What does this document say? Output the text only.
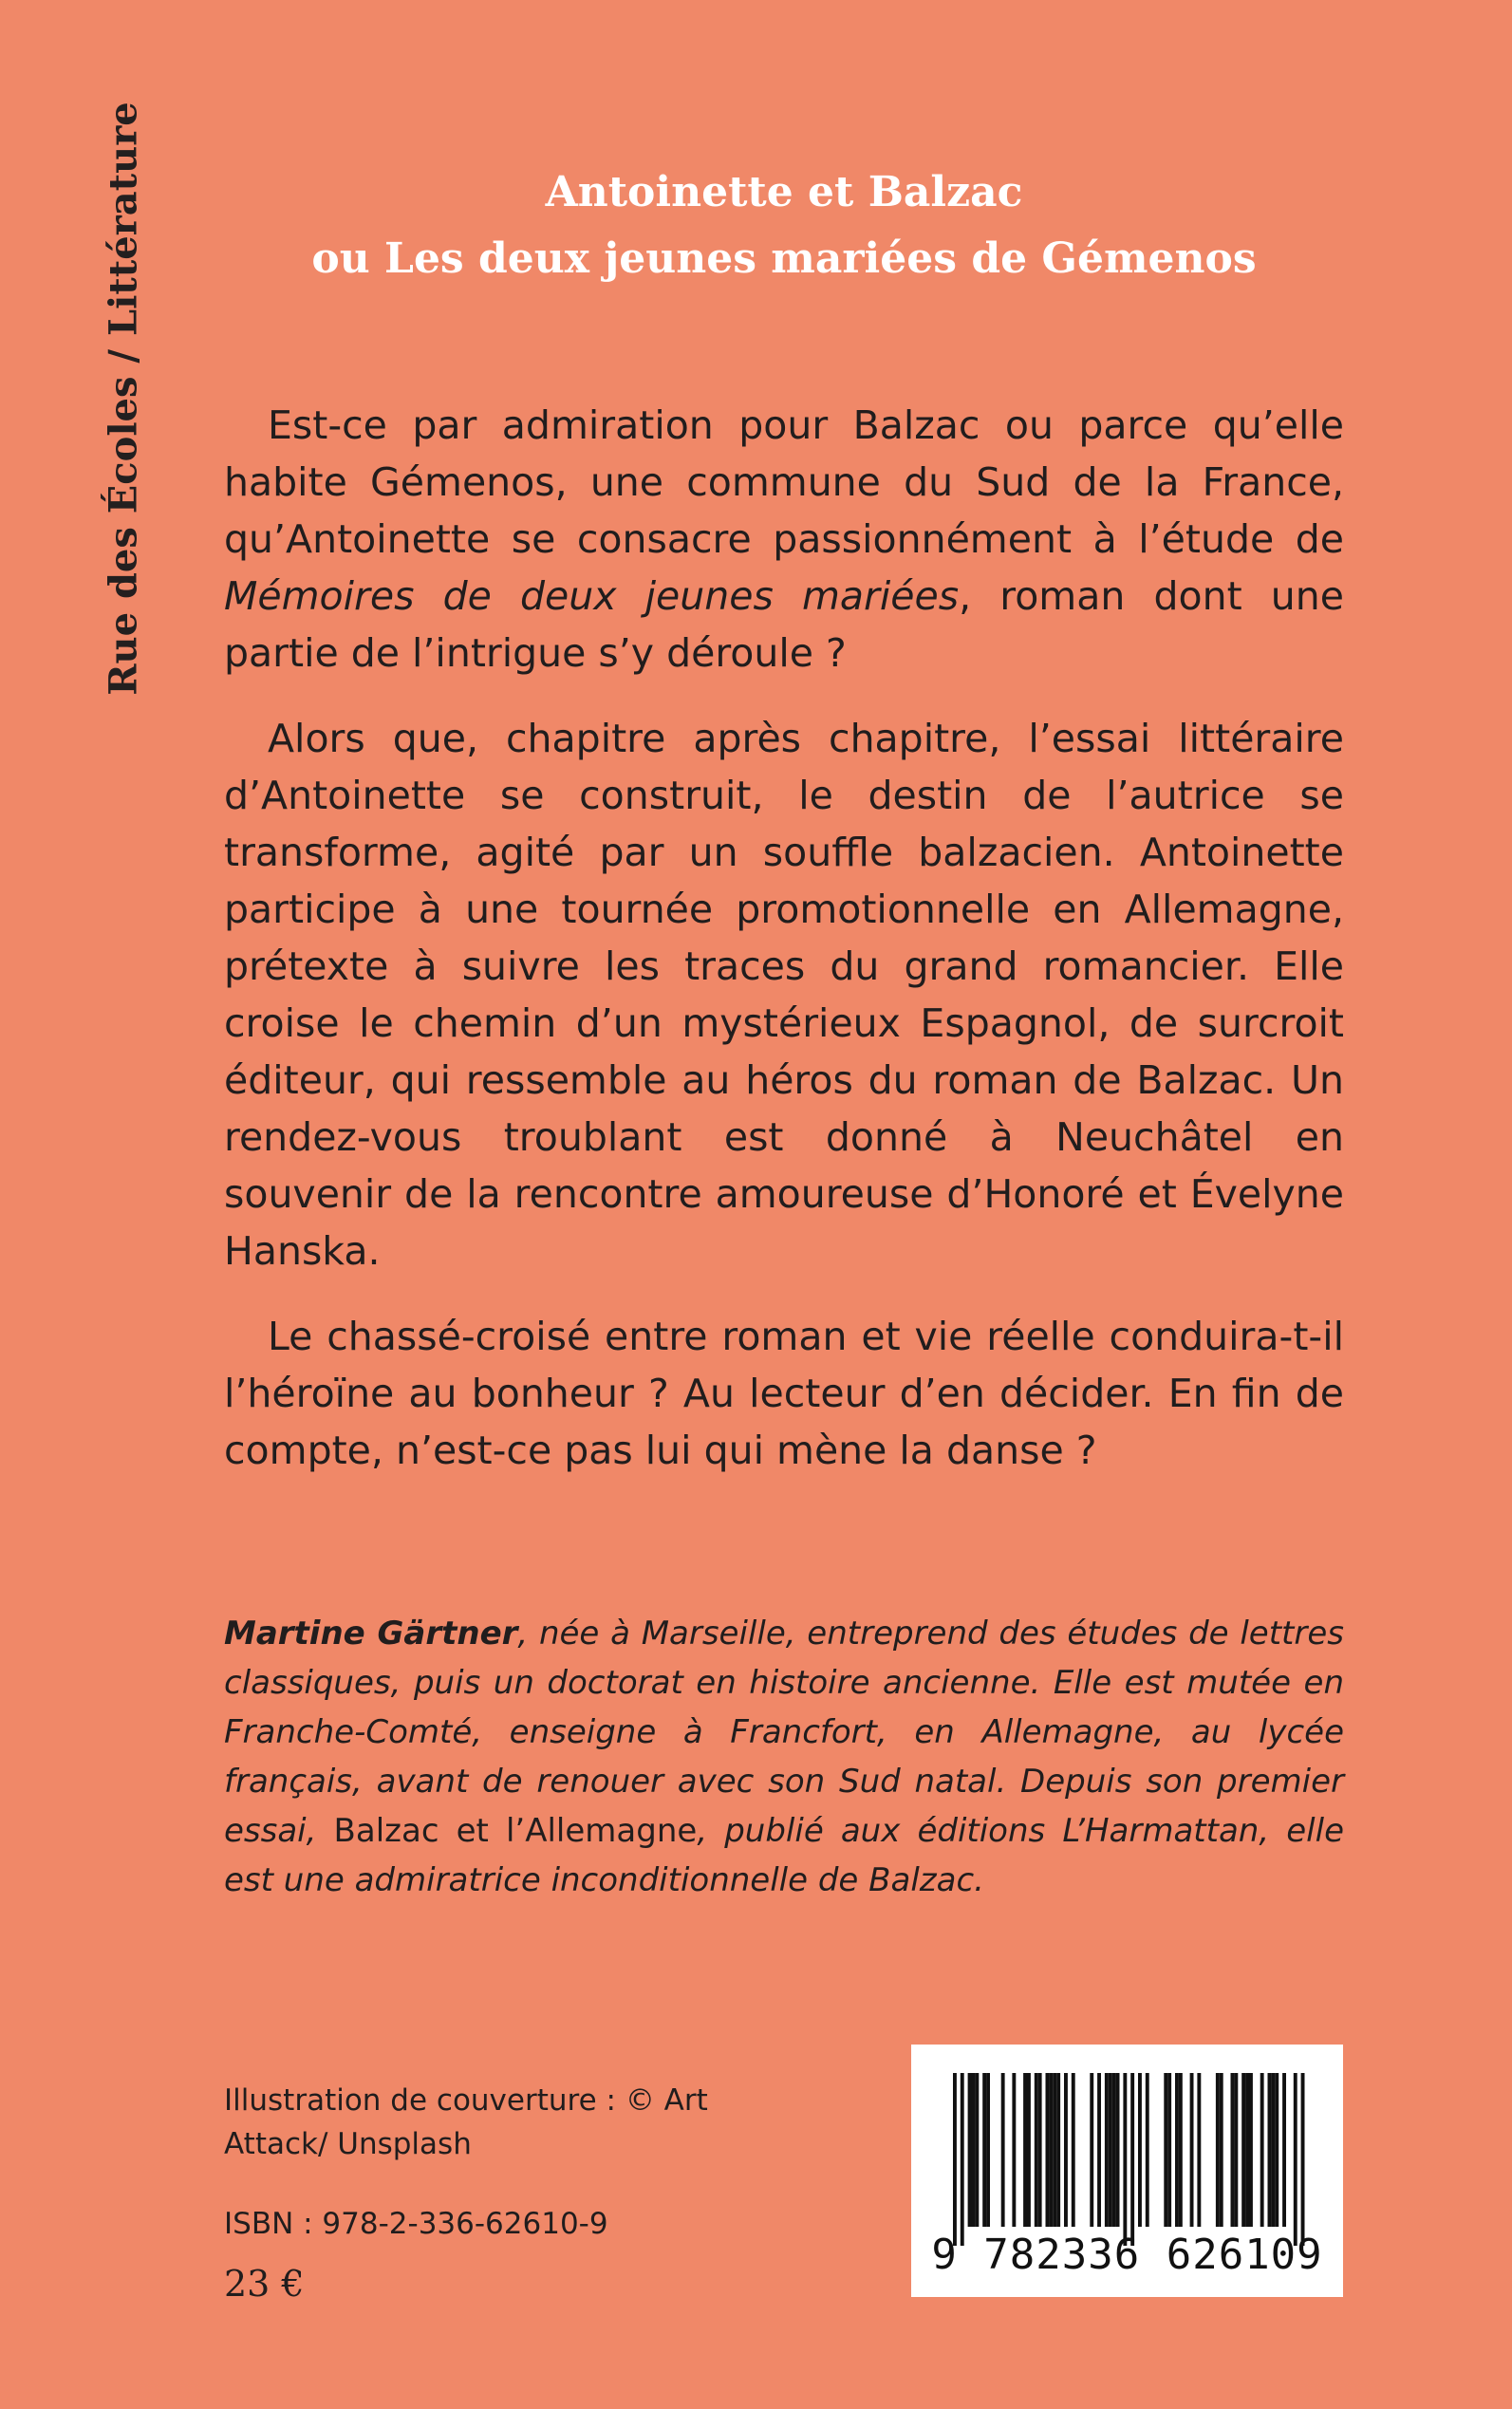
Rue des Écoles / Littérature	Antoinette et Balzac
ou Les deux jeunes mariées de Gémenos

Est-ce par admiration pour Balzac ou parce qu’elle habite Gémenos, une commune du Sud de la France, qu’Antoinette se consacre passionnément à l’étude de Mémoires de deux jeunes mariées, roman dont une partie de l’intrigue s’y déroule ?

Alors que, chapitre après chapitre, l’essai littéraire d’Antoinette se construit, le destin de l’autrice se transforme, agité par un souffle balzacien. Antoinette participe à une tournée promotionnelle en Allemagne, prétexte à suivre les traces du grand romancier. Elle croise le chemin d’un mystérieux Espagnol, de surcroit éditeur, qui ressemble au héros du roman de Balzac. Un rendez-vous troublant est donné à Neuchâtel en souvenir de la rencontre amoureuse d’Honoré et Évelyne Hanska.

Le chassé-croisé entre roman et vie réelle conduira-t-il l’héroïne au bonheur ? Au lecteur d’en décider. En fin de compte, n’est-ce pas lui qui mène la danse ?

Martine Gärtner, née à Marseille, entreprend des études de lettres classiques, puis un doctorat en histoire ancienne. Elle est mutée en Franche-Comté, enseigne à Francfort, en Allemagne, au lycée français, avant de renouer avec son Sud natal. Depuis son premier essai, Balzac et l’Allemagne, publié aux éditions L’Harmattan, elle est une admiratrice inconditionnelle de Balzac.
Illustration de couverture : © Art Attack/ Unsplash
ISBN : 978-2-336-62610-9
23 €
9 782336 626109
